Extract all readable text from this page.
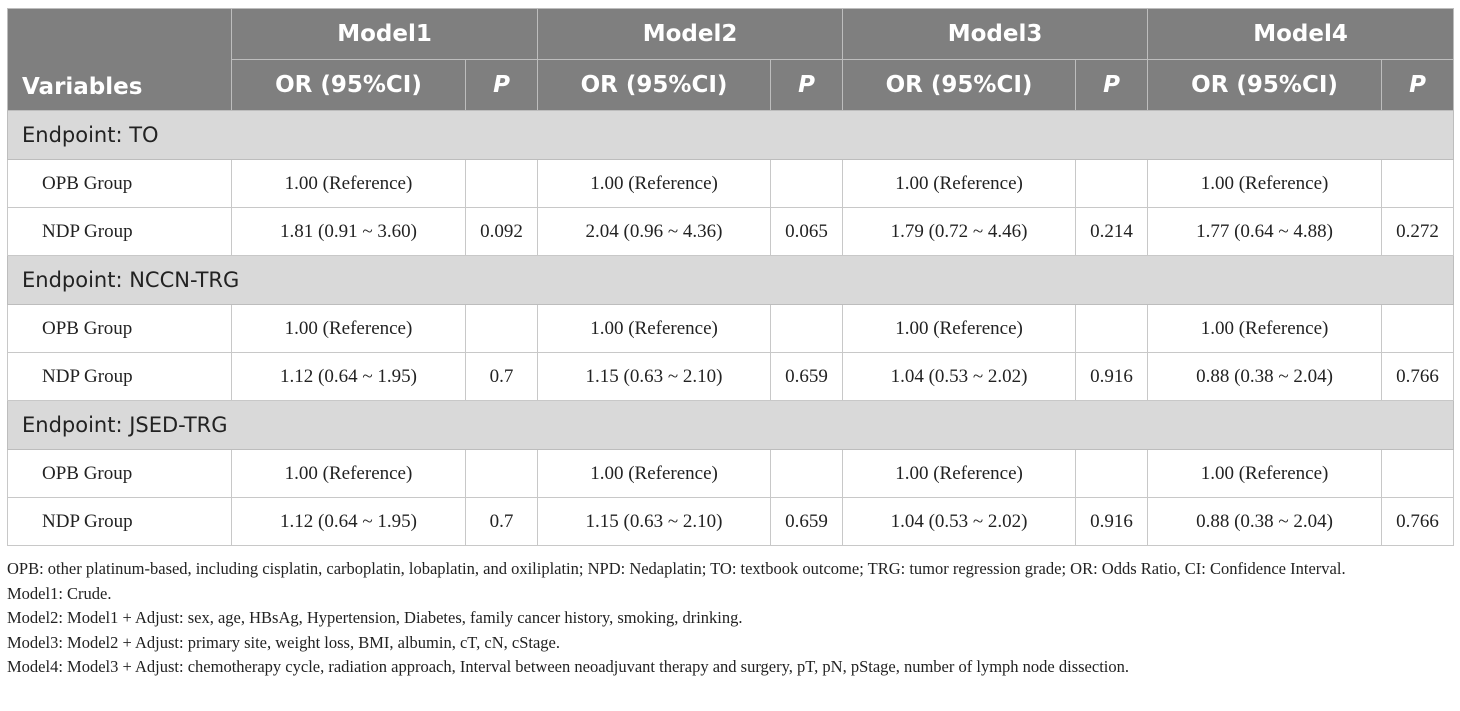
Variables	Model1		Model2		Model3		Model4	
	OR (95%CI)	P	OR (95%CI)	P	OR (95%CI)	P	OR (95%CI)	P
Endpoint: TO								
OPB Group	1.00 (Reference)		1.00 (Reference)		1.00 (Reference)		1.00 (Reference)	
NDP Group	1.81 (0.91 ~ 3.60)	0.092	2.04 (0.96 ~ 4.36)	0.065	1.79 (0.72 ~ 4.46)	0.214	1.77 (0.64 ~ 4.88)	0.272
Endpoint: NCCN-TRG								
OPB Group	1.00 (Reference)		1.00 (Reference)		1.00 (Reference)		1.00 (Reference)	
NDP Group	1.12 (0.64 ~ 1.95)	0.7	1.15 (0.63 ~ 2.10)	0.659	1.04 (0.53 ~ 2.02)	0.916	0.88 (0.38 ~ 2.04)	0.766
Endpoint: JSED-TRG								
OPB Group	1.00 (Reference)		1.00 (Reference)		1.00 (Reference)		1.00 (Reference)	
NDP Group	1.12 (0.64 ~ 1.95)	0.7	1.15 (0.63 ~ 2.10)	0.659	1.04 (0.53 ~ 2.02)	0.916	0.88 (0.38 ~ 2.04)	0.766

OPB: other platinum-based, including cisplatin, carboplatin, lobaplatin, and oxiliplatin; NPD: Nedaplatin; TO: textbook outcome; TRG: tumor regression grade; OR: Odds Ratio, CI: Confidence Interval.

Model1: Crude.

Model2: Model1 + Adjust: sex, age, HBsAg, Hypertension, Diabetes, family cancer history, smoking, drinking.

Model3: Model2 + Adjust: primary site, weight loss, BMI, albumin, cT, cN, cStage.

Model4: Model3 + Adjust: chemotherapy cycle, radiation approach, Interval between neoadjuvant therapy and surgery, pT, pN, pStage, number of lymph node dissection.
